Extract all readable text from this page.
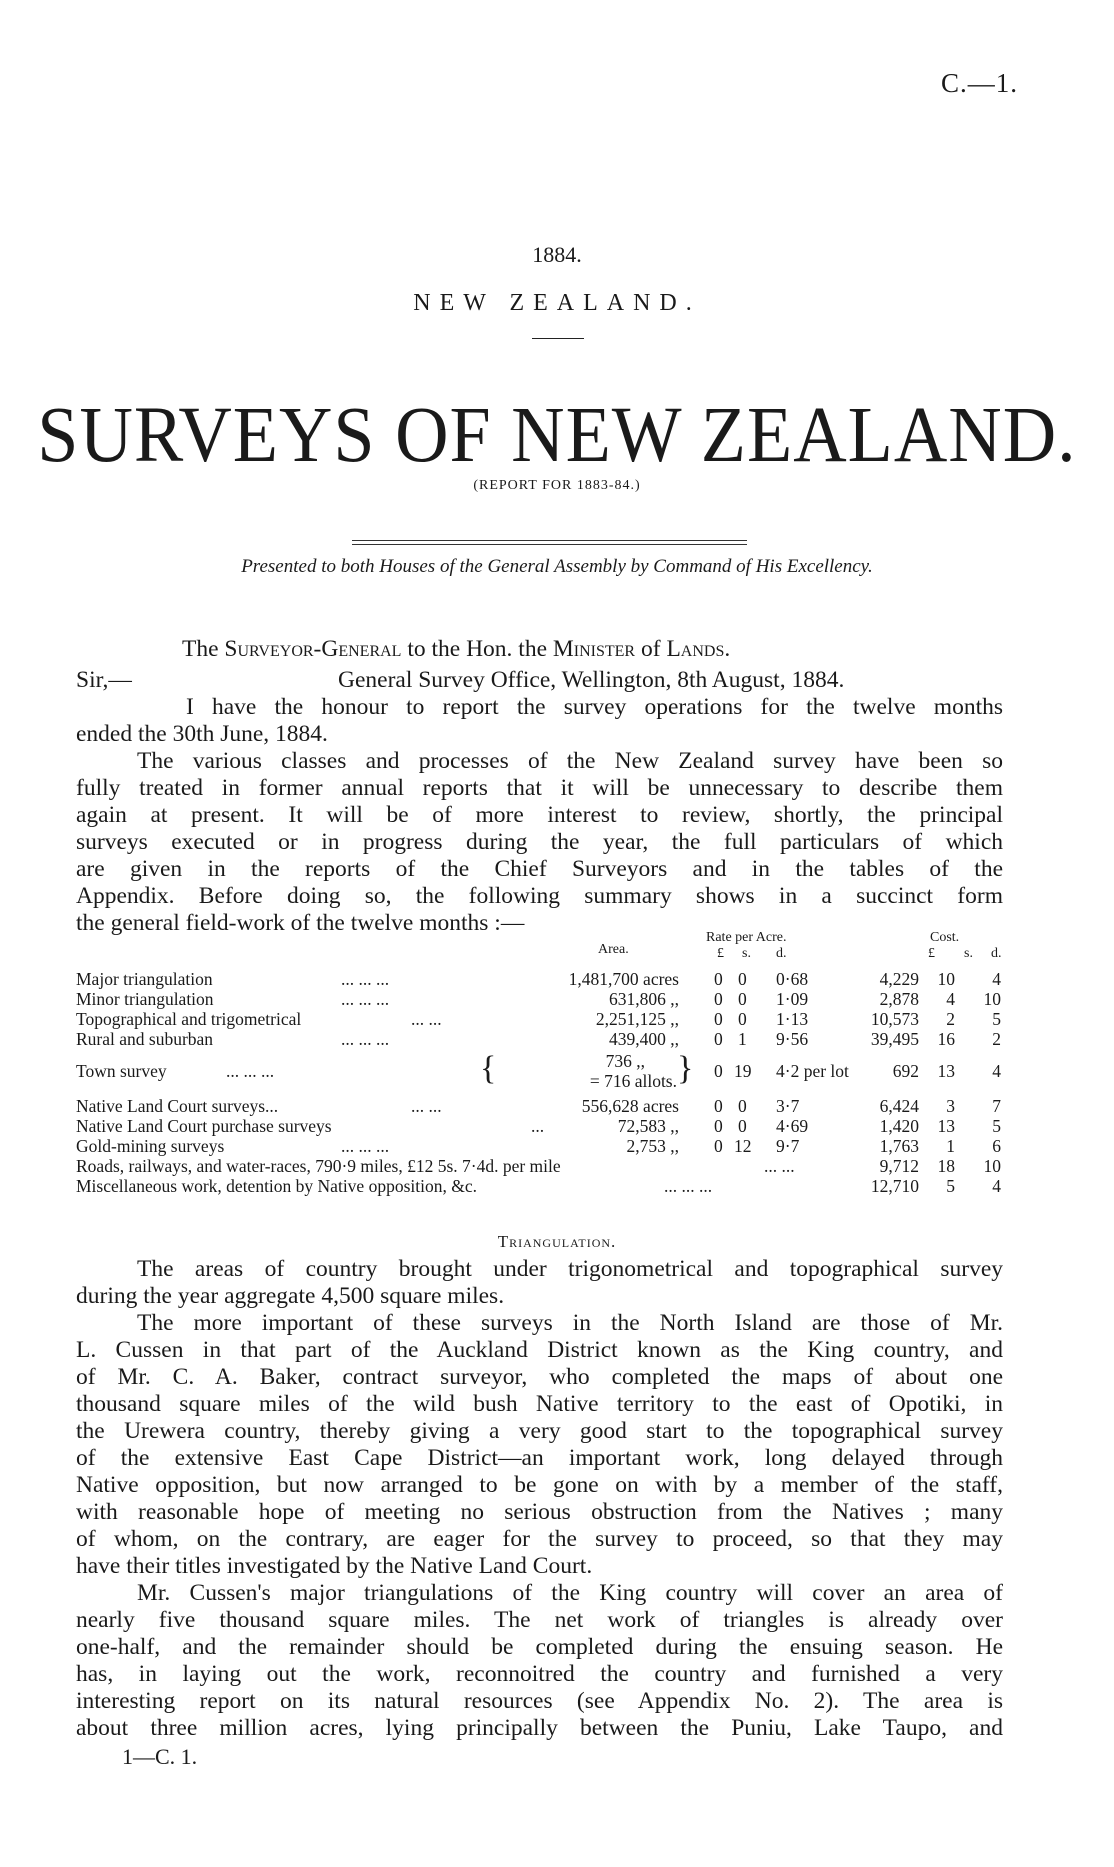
C.—1.
1884.
NEW ZEALAND.
SURVEYS OF NEW ZEALAND.
(REPORT FOR 1883-84.)
Presented to both Houses of the General Assembly by Command of His Excellency.
The Surveyor-General to the Hon. the Minister of Lands.
Sir,—	General Survey Office, Wellington, 8th August, 1884.
I have the honour to report the survey operations for the twelve months
ended the 30th June, 1884.
The various classes and processes of the New Zealand survey have been so
fully treated in former annual reports that it will be unnecessary to describe them
again at present. It will be of more interest to review, shortly, the principal
surveys executed or in progress during the year, the full particulars of which
are given in the reports of the Chief Surveyors and in the tables of the
Appendix. Before doing so, the following summary shows in a succinct form
the general field-work of the twelve months :—
Area.
Rate per Acre.
£ s. d.
Cost.
£ s. d.
Major triangulation	... ... ...	1,481,700 acres 0 0 0·68	4,229 10 4
Minor triangulation	... ... ...	631,806 ,, 0 0 1·09	2,878 4 10
Topographical and trigometrical	... ...	2,251,125 ,, 0 0 1·13	10,573 2 5
Rural and suburban	... ... ...	439,400 ,, 0 1 9·56	39,495 16 2
Town survey	... ... ...	{	736 ,,
= 716 allots. } 0 19 4·2 per lot	692 13 4
Native Land Court surveys...	... ...	556,628 acres 0 0 3·7	6,424 3 7
Native Land Court purchase surveys	...	72,583 ,, 0 0 4·69	1,420 13 5
Gold-mining surveys	... ... ...	2,753 ,, 0 12 9·7	1,763 1 6
Roads, railways, and water-races, 790·9 miles, £12 5s. 7·4d. per mile	... ...	9,712 18 10
Miscellaneous work, detention by Native opposition, &c.	... ... ...	12,710 5 4
Triangulation.
The areas of country brought under trigonometrical and topographical survey
during the year aggregate 4,500 square miles.
The more important of these surveys in the North Island are those of Mr.
L. Cussen in that part of the Auckland District known as the King country, and
of Mr. C. A. Baker, contract surveyor, who completed the maps of about one
thousand square miles of the wild bush Native territory to the east of Opotiki, in
the Urewera country, thereby giving a very good start to the topographical survey
of the extensive East Cape District—an important work, long delayed through
Native opposition, but now arranged to be gone on with by a member of the staff,
with reasonable hope of meeting no serious obstruction from the Natives ; many
of whom, on the contrary, are eager for the survey to proceed, so that they may
have their titles investigated by the Native Land Court.
Mr. Cussen's major triangulations of the King country will cover an area of
nearly five thousand square miles. The net work of triangles is already over
one-half, and the remainder should be completed during the ensuing season. He
has, in laying out the work, reconnoitred the country and furnished a very
interesting report on its natural resources (see Appendix No. 2). The area is
about three million acres, lying principally between the Puniu, Lake Taupo, and
1—C. 1.
